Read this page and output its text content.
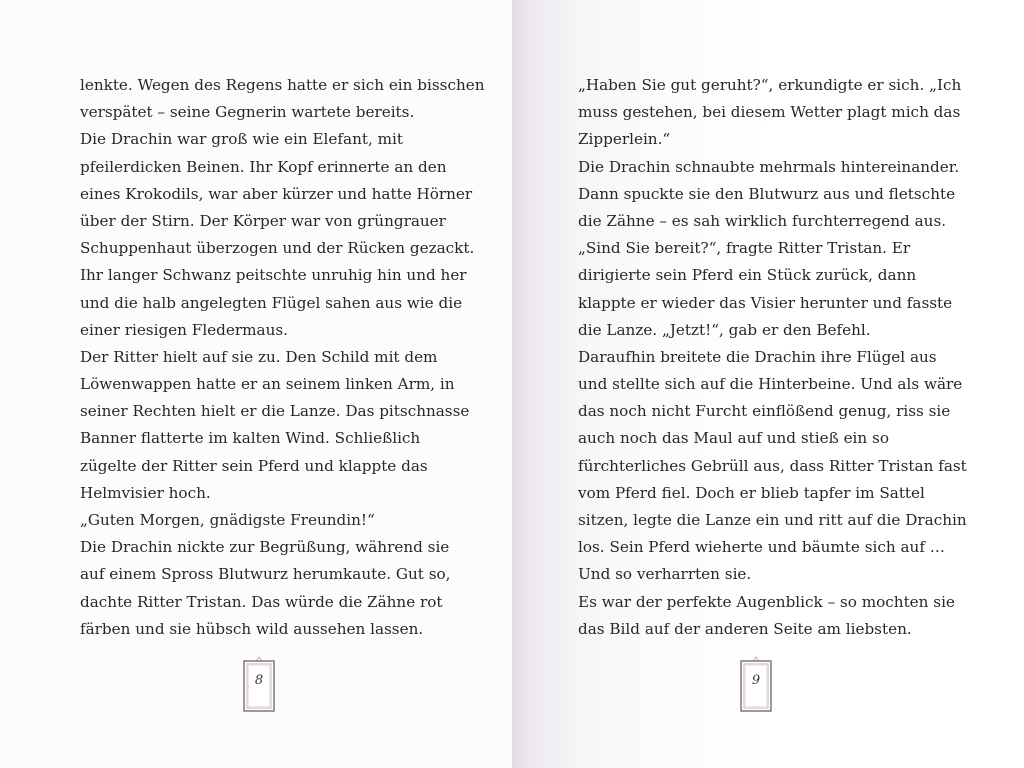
lenkte. Wegen des Regens hatte er sich ein bisschen
verspätet – seine Gegnerin wartete bereits.
Die Drachin war groß wie ein Elefant, mit
pfeilerdicken Beinen. Ihr Kopf erinnerte an den
eines Krokodils, war aber kürzer und hatte Hörner
über der Stirn. Der Körper war von grüngrauer
Schuppenhaut überzogen und der Rücken gezackt.
Ihr langer Schwanz peitschte unruhig hin und her
und die halb angelegten Flügel sahen aus wie die
einer riesigen Fledermaus.
Der Ritter hielt auf sie zu. Den Schild mit dem
Löwenwappen hatte er an seinem linken Arm, in
seiner Rechten hielt er die Lanze. Das pitschnasse
Banner flatterte im kalten Wind. Schließlich
zügelte der Ritter sein Pferd und klappte das
Helmvisier hoch.
„Guten Morgen, gnädigste Freundin!“
Die Drachin nickte zur Begrüßung, während sie
auf einem Spross Blutwurz herumkaute. Gut so,
dachte Ritter Tristan. Das würde die Zähne rot
färben und sie hübsch wild aussehen lassen.
8
„Haben Sie gut geruht?“, erkundigte er sich. „Ich
muss gestehen, bei diesem Wetter plagt mich das
Zipperlein.“
Die Drachin schnaubte mehrmals hintereinander.
Dann spuckte sie den Blutwurz aus und fletschte
die Zähne – es sah wirklich furchterregend aus.
„Sind Sie bereit?“, fragte Ritter Tristan. Er
dirigierte sein Pferd ein Stück zurück, dann
klappte er wieder das Visier herunter und fasste
die Lanze. „Jetzt!“, gab er den Befehl.
Daraufhin breitete die Drachin ihre Flügel aus
und stellte sich auf die Hinterbeine. Und als wäre
das noch nicht Furcht einflößend genug, riss sie
auch noch das Maul auf und stieß ein so
fürchterliches Gebrüll aus, dass Ritter Tristan fast
vom Pferd fiel. Doch er blieb tapfer im Sattel
sitzen, legte die Lanze ein und ritt auf die Drachin
los. Sein Pferd wieherte und bäumte sich auf …
Und so verharrten sie.
Es war der perfekte Augenblick – so mochten sie
das Bild auf der anderen Seite am liebsten.
9
